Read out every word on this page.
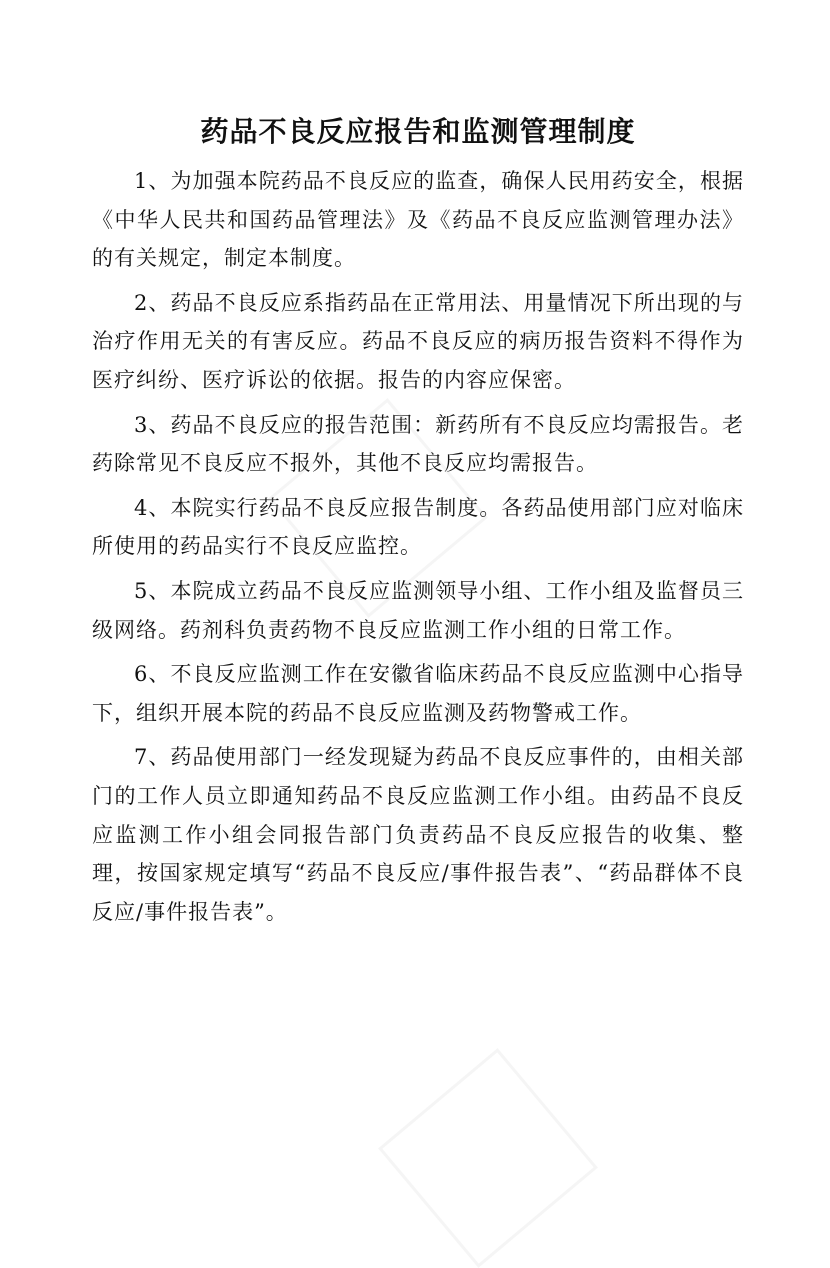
药品不良反应报告和监测管理制度

1、为加强本院药品不良反应的监查，确保人民用药安全，根据《中华人民共和国药品管理法》及《药品不良反应监测管理办法》的有关规定，制定本制度。

2、药品不良反应系指药品在正常用法、用量情况下所出现的与治疗作用无关的有害反应。药品不良反应的病历报告资料不得作为医疗纠纷、医疗诉讼的依据。报告的内容应保密。

3、药品不良反应的报告范围：新药所有不良反应均需报告。老药除常见不良反应不报外，其他不良反应均需报告。

4、本院实行药品不良反应报告制度。各药品使用部门应对临床所使用的药品实行不良反应监控。

5、本院成立药品不良反应监测领导小组、工作小组及监督员三级网络。药剂科负责药物不良反应监测工作小组的日常工作。

6、不良反应监测工作在安徽省临床药品不良反应监测中心指导下，组织开展本院的药品不良反应监测及药物警戒工作。

7、药品使用部门一经发现疑为药品不良反应事件的，由相关部门的工作人员立即通知药品不良反应监测工作小组。由药品不良反应监测工作小组会同报告部门负责药品不良反应报告的收集、整理，按国家规定填写“药品不良反应/事件报告表”、“药品群体不良反应/事件报告表”。
